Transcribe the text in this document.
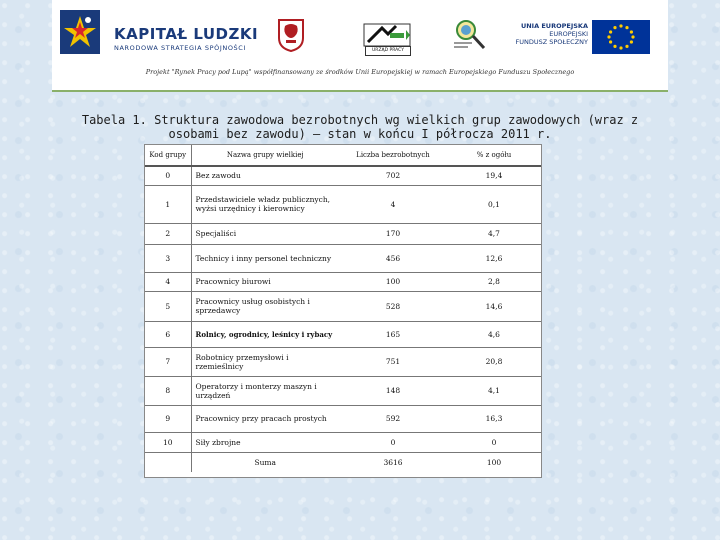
KAPITAŁ LUDZKI
NARODOWA STRATEGIA SPÓJNOŚCI	URZĄD PRACY
UNIA EUROPEJSKA
EUROPEJSKI
FUNDUSZ SPOŁECZNY
Projekt "Rynek Pracy pod Lupą" współfinansowany ze środków Unii Europejskiej w ramach Europejskiego Funduszu Społecznego
Tabela 1. Struktura zawodowa bezrobotnych wg wielkich grup zawodowych (wraz z osobami bez zawodu) – stan w końcu I półrocza 2011 r.
Kod grupy	Nazwa grupy wielkiej	Liczba bezrobotnych	% z ogółu
0	Bez zawodu	702	19,4
1	Przedstawiciele władz publicznych, wyżsi urzędnicy i kierownicy	4	0,1
2	Specjaliści	170	4,7
3	Technicy i inny personel techniczny	456	12,6
4	Pracownicy biurowi	100	2,8
5	Pracownicy usług osobistych i sprzedawcy	528	14,6
6	Rolnicy, ogrodnicy, leśnicy i rybacy	165	4,6
7	Robotnicy przemysłowi i rzemieślnicy	751	20,8
8	Operatorzy i monterzy maszyn i urządzeń	148	4,1
9	Pracownicy przy pracach prostych	592	16,3
10	Siły zbrojne	0	0
	Suma	3616	100
